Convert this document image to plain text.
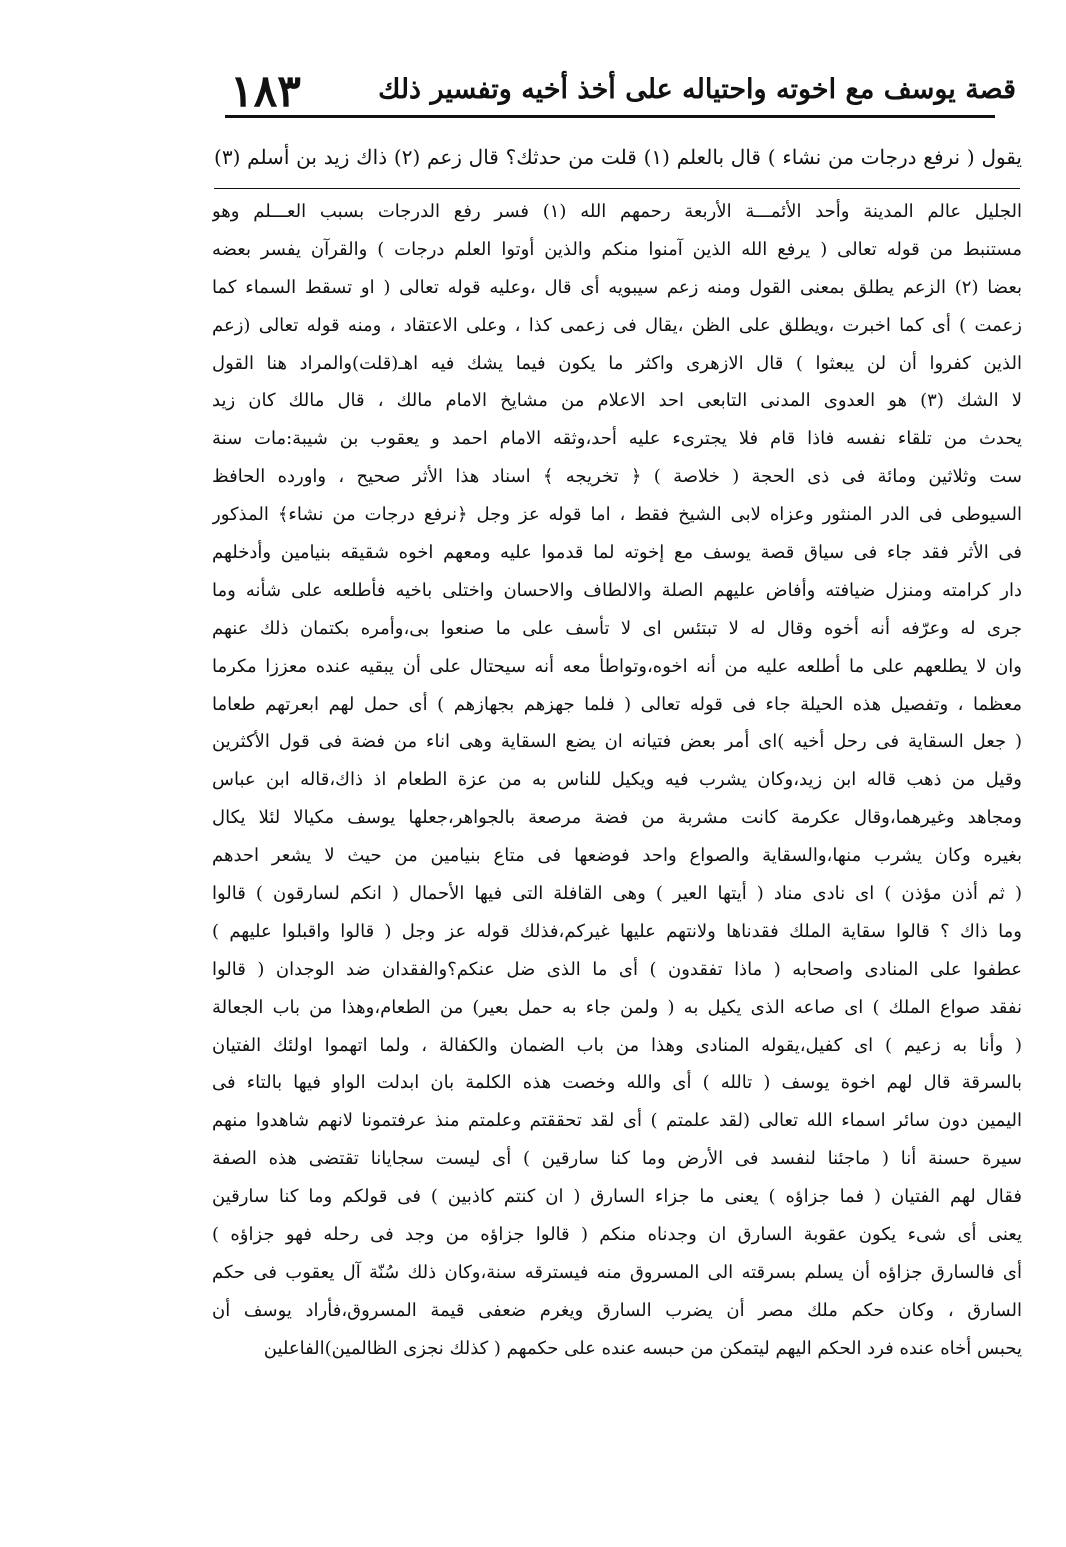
١٨٣	قصة يوسف مع اخوته واحتياله على أخذ أخيه وتفسير ذلك
يقول ( نرفع درجات من نشاء ) قال بالعلم (١) قلت من حدثك؟ قال زعم (٢) ذاك زيد بن أسلم (٣)
الجليل عالم المدينة وأحد الأئمـــة الأربعة رحمهم الله (١) فسر رفع الدرجات بسبب العـــلم وهو
مستنبط من قوله تعالى ( يرفع الله الذين آمنوا منكم والذين أوتوا العلم درجات ) والقرآن يفسر بعضه
بعضا (٢) الزعم يطلق بمعنى القول ومنه زعم سيبويه أى قال ،وعليه قوله تعالى ( او تسقط السماء كما
زعمت ) أى كما اخبرت ،ويطلق على الظن ،يقال فى زعمى كذا ، وعلى الاعتقاد ، ومنه قوله تعالى (زعم
الذين كفروا أن لن يبعثوا ) قال الازهرى واكثر ما يكون فيما يشك فيه اهـ(قلت)والمراد هنا القول
لا الشك (٣) هو العدوى المدنى التابعى احد الاعلام من مشايخ الامام مالك ، قال مالك كان زيد
يحدث من تلقاء نفسه فاذا قام فلا يجترىء عليه أحد،وثقه الامام احمد و يعقوب بن شيبة:مات سنة
ست وثلاثين ومائة فى ذى الحجة ( خلاصة ) ﴿ تخريجه ﴾ اسناد هذا الأثر صحيح ، واورده الحافظ
السيوطى فى الدر المنثور وعزاه لابى الشيخ فقط ، اما قوله عز وجل ﴿نرفع درجات من نشاء﴾ المذكور
فى الأثر فقد جاء فى سياق قصة يوسف مع إخوته لما قدموا عليه ومعهم اخوه شقيقه بنيامين وأدخلهم
دار كرامته ومنزل ضيافته وأفاض عليهم الصلة والالطاف والاحسان واختلى باخيه فأطلعه على شأنه وما
جرى له وعرّفه أنه أخوه وقال له لا تبتئس اى لا تأسف على ما صنعوا بى،وأمره بكتمان ذلك عنهم
وان لا يطلعهم على ما أطلعه عليه من أنه اخوه،وتواطأ معه أنه سيحتال على أن يبقيه عنده معززا مكرما
معظما ، وتفصيل هذه الحيلة جاء فى قوله تعالى ( فلما جهزهم بجهازهم ) أى حمل لهم ابعرتهم طعاما
( جعل السقاية فى رحل أخيه )اى أمر بعض فتيانه ان يضع السقاية وهى اناء من فضة فى قول الأكثرين
وقيل من ذهب قاله ابن زيد،وكان يشرب فيه ويكيل للناس به من عزة الطعام اذ ذاك،قاله ابن عباس
ومجاهد وغيرهما،وقال عكرمة كانت مشربة من فضة مرصعة بالجواهر،جعلها يوسف مكيالا لئلا يكال
بغيره وكان يشرب منها،والسقاية والصواع واحد فوضعها فى متاع بنيامين من حيث لا يشعر احدهم
( ثم أذن مؤذن ) اى نادى مناد ( أيتها العير ) وهى القافلة التى فيها الأحمال ( انكم لسارقون ) قالوا
وما ذاك ؟ قالوا سقاية الملك فقدناها ولانتهم عليها غيركم،فذلك قوله عز وجل ( قالوا واقبلوا عليهم )
عطفوا على المنادى واصحابه ( ماذا تفقدون ) أى ما الذى ضل عنكم؟والفقدان ضد الوجدان ( قالوا
نفقد صواع الملك ) اى صاعه الذى يكيل به ( ولمن جاء به حمل بعير) من الطعام،وهذا من باب الجعالة
( وأنا به زعيم ) اى كفيل،يقوله المنادى وهذا من باب الضمان والكفالة ، ولما اتهموا اولئك الفتيان
بالسرقة قال لهم اخوة يوسف ( تالله ) أى والله وخصت هذه الكلمة بان ابدلت الواو فيها بالتاء فى
اليمين دون سائر اسماء الله تعالى (لقد علمتم ) أى لقد تحققتم وعلمتم منذ عرفتمونا لانهم شاهدوا منهم
سيرة حسنة أنا ( ماجئنا لنفسد فى الأرض وما كنا سارقين ) أى ليست سجايانا تقتضى هذه الصفة
فقال لهم الفتيان ( فما جزاؤه ) يعنى ما جزاء السارق ( ان كنتم كاذبين ) فى قولكم وما كنا سارقين
يعنى أى شىء يكون عقوبة السارق ان وجدناه منكم ( قالوا جزاؤه من وجد فى رحله فهو جزاؤه )
أى فالسارق جزاؤه أن يسلم بسرقته الى المسروق منه فيسترقه سنة،وكان ذلك سُنّة آل يعقوب فى حكم
السارق ، وكان حكم ملك مصر أن يضرب السارق ويغرم ضعفى قيمة المسروق،فأراد يوسف أن
يحبس أخاه عنده فرد الحكم اليهم ليتمكن من حبسه عنده على حكمهم ( كذلك نجزى الظالمين)الفاعلين
